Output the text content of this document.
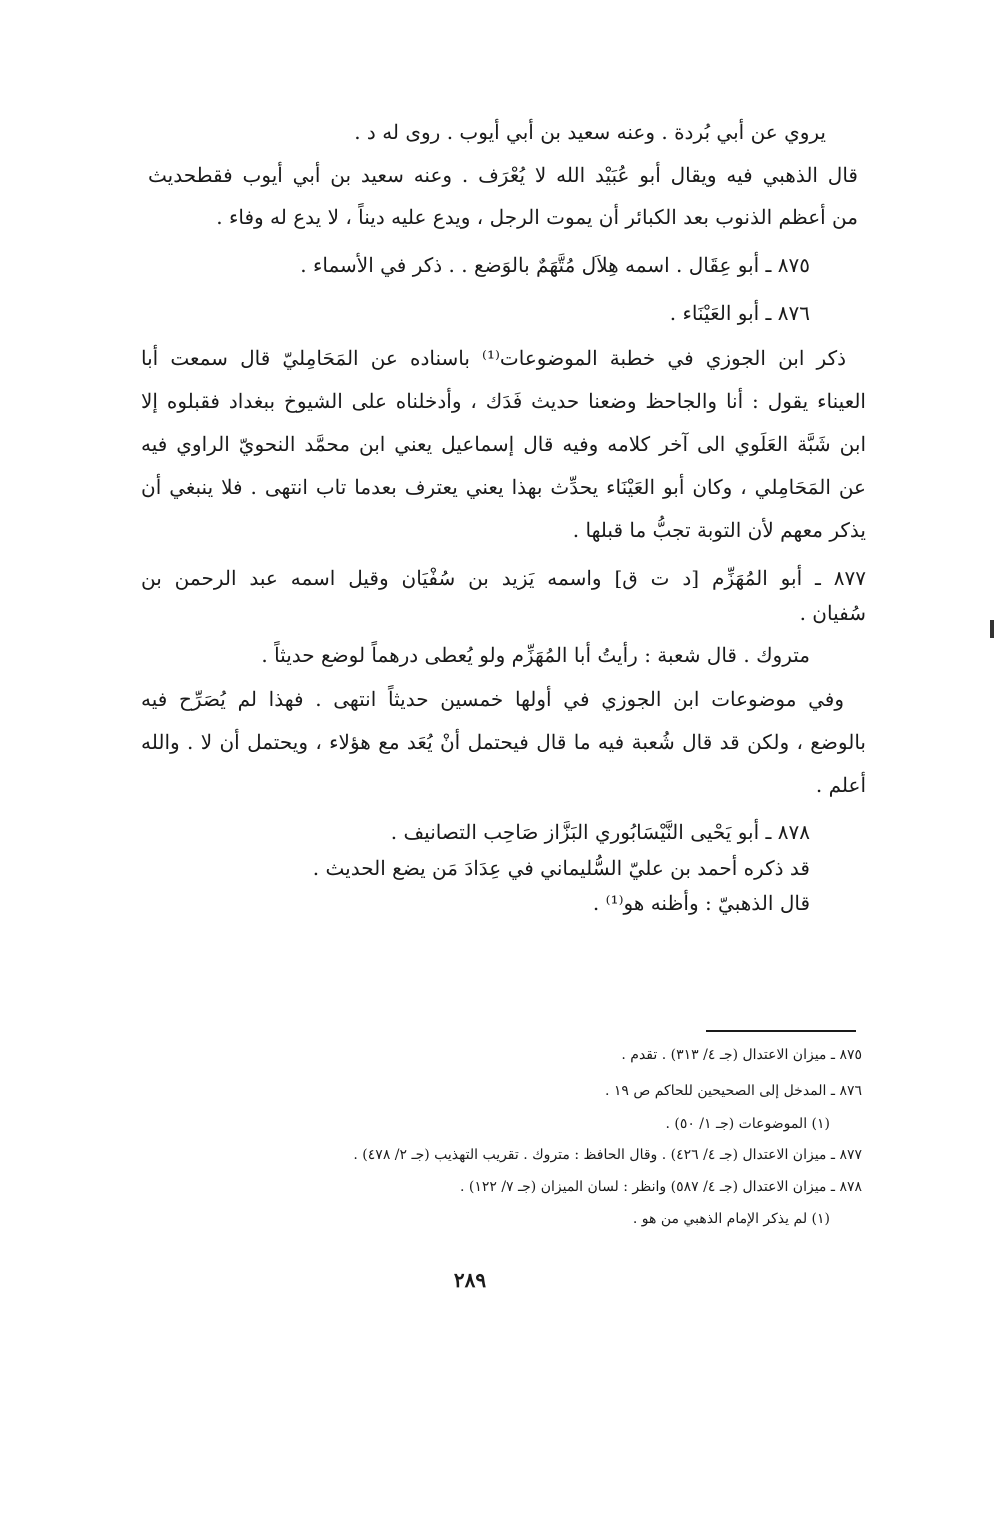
يروي عن أبي بُردة . وعنه سعيد بن أبي أيوب . روى له د .

قال الذهبي فيه ويقال أبو عُبَيْد الله لا يُعْرَف . وعنه سعيد بن أبي أيوب فقطحديث

من أعظم الذنوب بعد الكبائر أن يموت الرجل ، ويدع عليه ديناً ، لا يدع له وفاء .

٨٧٥ ـ أبو عِقَال . اسمه هِلاَل مُتَّهَمٌ بالوَضع . . ذكر في الأسماء .

٨٧٦ ـ أبو العَيْنَاء .

ذكر ابن الجوزي في خطبة الموضوعات⁽¹⁾ باسناده عن المَحَامِليّ قال سمعت أبا

العيناء يقول : أنا والجاحظ وضعنا حديث فَدَك ، وأدخلناه على الشيوخ ببغداد فقبلوه إلا

ابن شَبَّة العَلَوي الى آخر كلامه وفيه قال إسماعيل يعني ابن محمَّد النحويّ الراوي فيه

عن المَحَامِلي ، وكان أبو العَيْنَاء يحدِّث بهذا يعني يعترف بعدما تاب انتهى . فلا ينبغي أن

يذكر معهم لأن التوبة تجبُّ ما قبلها .

٨٧٧ ـ أبو المُهَزِّم [د ت ق] واسمه يَزيد بن سُفْيَان وقيل اسمه عبد الرحمن بن

سُفيان .

متروك . قال شعبة : رأيتُ أبا المُهَزِّم ولو يُعطى درهماً لوضع حديثاً .

وفي موضوعات ابن الجوزي في أولها خمسين حديثاً انتهى . فهذا لم يُصَرِّح فيه

بالوضع ، ولكن قد قال شُعبة فيه ما قال فيحتمل أنْ يُعَد مع هؤلاء ، ويحتمل أن لا . والله

أعلم .

٨٧٨ ـ أبو يَحْيى النَّيْسَابُوري البَزَّاز صَاحِب التصانيف .

قد ذكره أحمد بن عليّ السُّليماني في عِدَادَ مَن يضع الحديث .

قال الذهبيّ : وأظنه هو⁽¹⁾ .

٨٧٥ ـ ميزان الاعتدال (جـ ٤/ ٣١٣) . تقدم .

٨٧٦ ـ المدخل إلى الصحيحين للحاكم ص ١٩ .

(١) الموضوعات (جـ ١/ ٥٠) .

٨٧٧ ـ ميزان الاعتدال (جـ ٤/ ٤٢٦) . وقال الحافظ : متروك . تقريب التهذيب (جـ ٢/ ٤٧٨) .

٨٧٨ ـ ميزان الاعتدال (جـ ٤/ ٥٨٧) وانظر : لسان الميزان (جـ ٧/ ١٢٢) .

(١) لم يذكر الإمام الذهبي من هو .

٢٨٩
